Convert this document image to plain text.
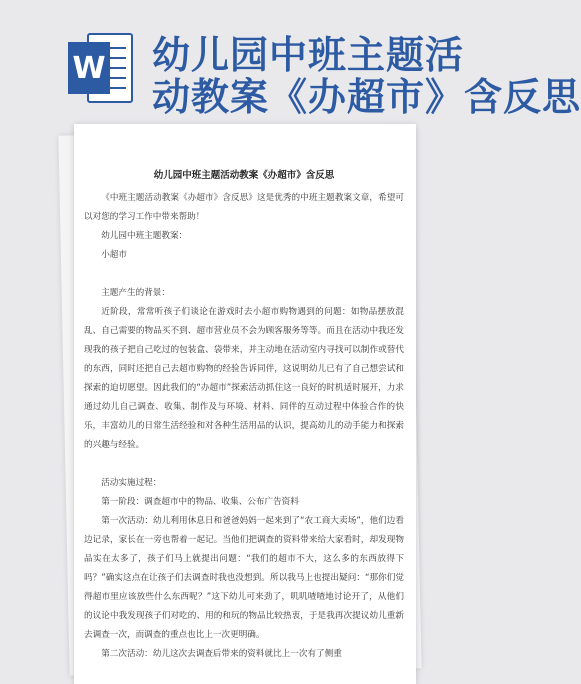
W 幼儿园中班主题活
动教案《办超市》含反思
幼儿园中班主题活动教案《办超市》含反思

《中班主题活动教案《办超市》含反思》这是优秀的中班主题教案文章，希望可以对您的学习工作中带来帮助！

幼儿园中班主题教案：

小超市

主题产生的背景：

近阶段，常常听孩子们谈论在游戏时去小超市购物遇到的问题：如物品摆放混乱、自己需要的物品买不到、超市营业员不会为顾客服务等等。而且在活动中我还发现我的孩子把自己吃过的包装盒、袋带来，并主动地在活动室内寻找可以制作或替代的东西，同时还把自己去超市购物的经验告诉同伴，这说明幼儿已有了自己想尝试和探索的迫切愿望。因此我们的“办超市”探索活动抓住这一良好的时机适时展开，力求通过幼儿自己调查、收集、制作及与环境、材料、同伴的互动过程中体验合作的快乐，丰富幼儿的日常生活经验和对各种生活用品的认识，提高幼儿的动手能力和探索的兴趣与经验。

活动实施过程：

第一阶段：调查超市中的物品、收集、公布广告资料

第一次活动：幼儿利用休息日和爸爸妈妈一起来到了“农工商大卖场”，他们边看边记录，家长在一旁也帮着一起记。当他们把调查的资料带来给大家看时，却发现物品实在太多了，孩子们马上就提出问题：“我们的超市不大，这么多的东西放得下吗？”确实这点在让孩子们去调查时我也没想到。所以我马上也提出疑问：“那你们觉得超市里应该放些什么东西呢？”这下幼儿可来劲了，叽叽喳喳地讨论开了，从他们的议论中我发现孩子们对吃的、用的和玩的物品比较热衷，于是我再次提议幼儿重新去调查一次，而调查的重点也比上一次更明确。

第二次活动：幼儿这次去调查后带来的资料就比上一次有了侧重
